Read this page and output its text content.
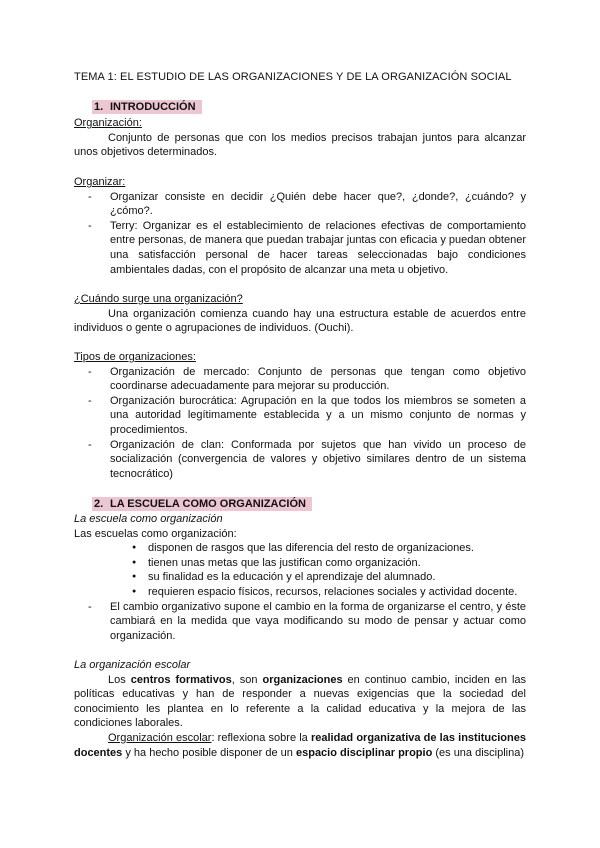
TEMA 1: EL ESTUDIO DE LAS ORGANIZACIONES Y DE LA ORGANIZACIÓN SOCIAL
1. INTRODUCCIÓN
Organización:

Conjunto de personas que con los medios precisos trabajan juntos para alcanzar unos objetivos determinados.

Organizar:
- Organizar consiste en decidir ¿Quién debe hacer que?, ¿donde?, ¿cuándo? y ¿cómo?.
- Terry: Organizar es el establecimiento de relaciones efectivas de comportamiento entre personas, de manera que puedan trabajar juntas con eficacia y puedan obtener una satisfacción personal de hacer tareas seleccionadas bajo condiciones ambientales dadas, con el propósito de alcanzar una meta u objetivo.
¿Cuándo surge una organización?

Una organización comienza cuando hay una estructura estable de acuerdos entre individuos o gente o agrupaciones de individuos. (Ouchi).

Tipos de organizaciones:
- Organización de mercado: Conjunto de personas que tengan como objetivo coordinarse adecuadamente para mejorar su producción.
- Organización burocrática: Agrupación en la que todos los miembros se someten a una autoridad legítimamente establecida y a un mismo conjunto de normas y procedimientos.
- Organización de clan: Conformada por sujetos que han vivido un proceso de socialización (convergencia de valores y objetivo similares dentro de un sistema tecnocrático)
2. LA ESCUELA COMO ORGANIZACIÓN
La escuela como organización
Las escuelas como organización:
● disponen de rasgos que las diferencia del resto de organizaciones.
● tienen unas metas que las justifican como organización.
● su finalidad es la educación y el aprendizaje del alumnado.
● requieren espacio físicos, recursos, relaciones sociales y actividad docente.
- El cambio organizativo supone el cambio en la forma de organizarse el centro, y éste cambiará en la medida que vaya modificando su modo de pensar y actuar como organización.
La organización escolar

Los centros formativos, son organizaciones en continuo cambio, inciden en las políticas educativas y han de responder a nuevas exigencias que la sociedad del conocimiento les plantea en lo referente a la calidad educativa y la mejora de las condiciones laborales.

Organización escolar: reflexiona sobre la realidad organizativa de las instituciones docentes y ha hecho posible disponer de un espacio disciplinar propio (es una disciplina)
